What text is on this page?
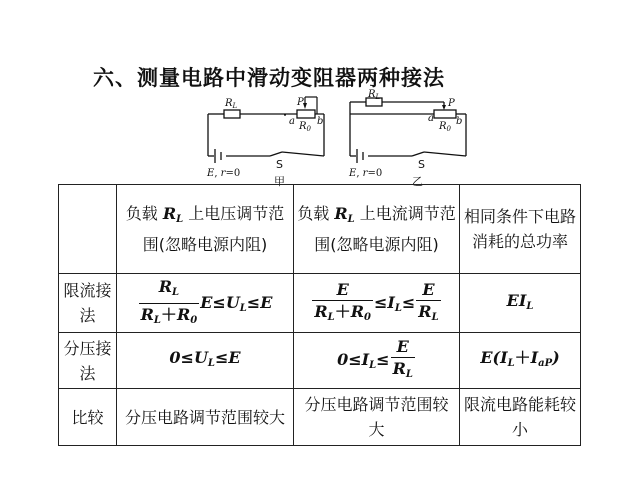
六、测量电路中滑动变阻器两种接法
$R_L$	P
a b
$R_0$
E, r=0
S
甲
$R_L$
P
a b
$R_0$
E, r=0
S
乙
	负载 $R_L$ 上电压调节范围(忽略电源内阻)	负载 $R_L$ 上电流调节范围(忽略电源内阻)	相同条件下电路消耗的总功率
限流接法	$\frac{R_L}{R_L+R_0} E\le U_L\le E$	$\frac{E}{R_L+R_0} \le I_L\le \frac{E}{R_L}$	$EI_L$
分压接法	$0\le U_L\le E$	$0\le I_L\le \frac{E}{R_L}$	$E(I_L+I_{aP})$
比较	分压电路调节范围较大	分压电路调节范围较大	限流电路能耗较小
